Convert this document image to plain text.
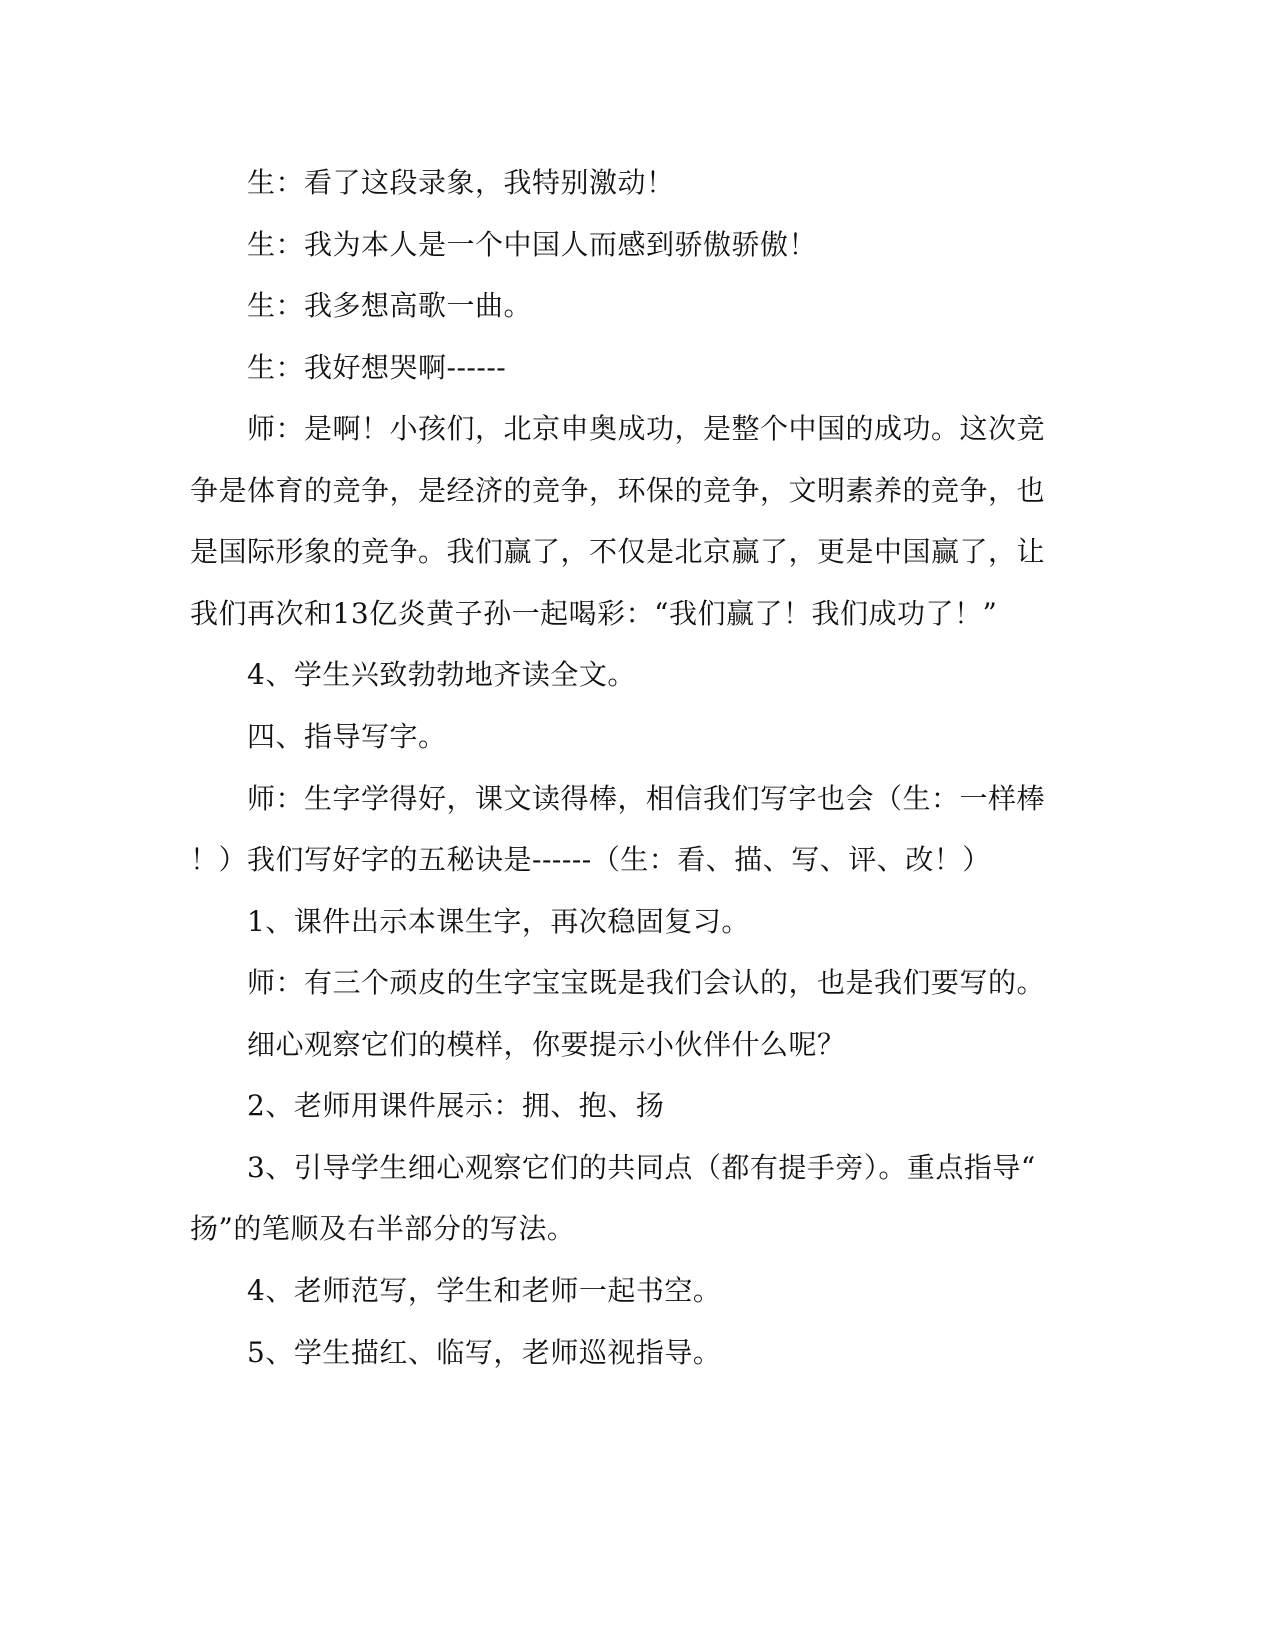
生：看了这段录象，我特别激动！
生：我为本人是一个中国人而感到骄傲骄傲！
生：我多想高歌一曲。
生：我好想哭啊------
师：是啊！小孩们，北京申奥成功，是整个中国的成功。这次竞
争是体育的竞争，是经济的竞争，环保的竞争，文明素养的竞争，也
是国际形象的竞争。我们赢了，不仅是北京赢了，更是中国赢了，让
我们再次和13亿炎黄子孙一起喝彩：“我们赢了！我们成功了！”
4、学生兴致勃勃地齐读全文。
四、指导写字。
师：生字学得好，课文读得棒，相信我们写字也会（生：一样棒
！）我们写好字的五秘诀是------（生：看、描、写、评、改！）
1、课件出示本课生字，再次稳固复习。
师：有三个顽皮的生字宝宝既是我们会认的，也是我们要写的。
细心观察它们的模样，你要提示小伙伴什么呢？
2、老师用课件展示：拥、抱、扬
3、引导学生细心观察它们的共同点（都有提手旁）。重点指导“
扬”的笔顺及右半部分的写法。
4、老师范写，学生和老师一起书空。
5、学生描红、临写，老师巡视指导。
